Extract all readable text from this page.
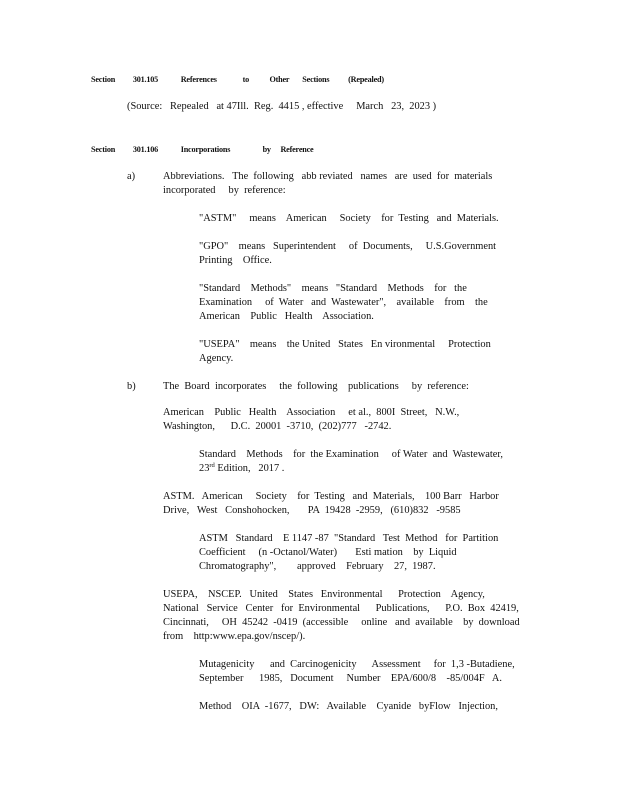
Section 301.105	References	to Other Sections (Repealed)
(Source:   Repealed   at 47Ill.  Reg.  4415 , effective     March   23,  2023 )
Section 301.106	Incorporations	by Reference
a)	Abbreviations.   The  following   abb reviated   names   are  used  for  materials
incorporated     by  reference:
"ASTM"     means    American     Society    for  Testing   and  Materials.
"GPO"    means   Superintendent     of  Documents,     U.S.Government
Printing    Office.
"Standard    Methods"    means   "Standard    Methods    for   the
Examination     of  Water   and  Wastewater",    available    from    the
American    Public   Health    Association.
"USEPA"    means    the United   States   En vironmental     Protection
Agency.
b)	The  Board  incorporates     the  following    publications     by  reference:
American    Public   Health    Association     et al.,  800I  Street,   N.W.,
Washington,      D.C.  20001  -3710,  (202)777   -2742.
Standard    Methods    for  the Examination     of Water  and  Wastewater,
23rd Edition,   2017 .
ASTM.   American     Society    for  Testing   and  Materials,    100 Barr   Harbor
Drive,   West   Conshohocken,       PA  19428  -2959,   (610)832   -9585
ASTM   Standard    E 1147 -87  "Standard   Test  Method   for  Partition
Coefficient     (n -Octanol/Water)       Esti mation    by  Liquid
Chromatography",        approved    February    27,  1987.
USEPA,    NSCEP.   United    States   Environmental      Protection    Agency,
National   Service   Center   for  Environmental      Publications,      P.O.  Box  42419,
Cincinnati,     OH  45242  -0419  (accessible     online   and  available    by  download
from    http:www.epa.gov/nscep/).
Mutagenicity      and  Carcinogenicity      Assessment     for  1,3 -Butadiene,
September      1985,   Document     Number    EPA/600/8    -85/004F   A.
Method    OIA  -1677,   DW:   Available    Cyanide   byFlow   Injection,
